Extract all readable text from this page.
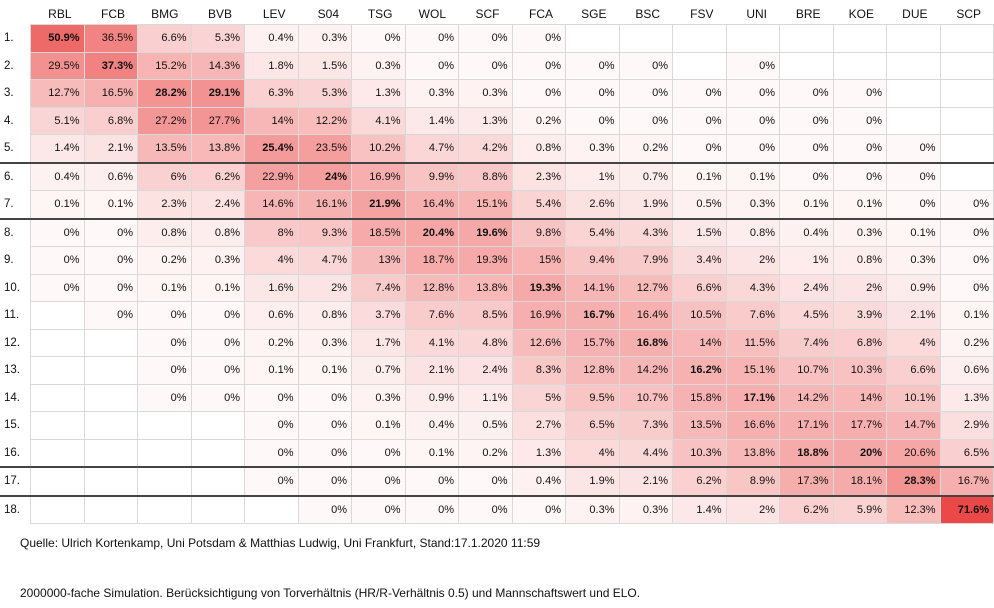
RBL	FCB	BMG	BVB	LEV	S04	TSG	WOL	SCF	FCA	SGE	BSC	FSV	UNI	BRE	KOE	DUE	SCP
1.	50.9%	36.5%	6.6%	5.3%	0.4%	0.3%	0%	0%	0%	0%								
2.	29.5%	37.3%	15.2%	14.3%	1.8%	1.5%	0.3%	0%	0%	0%	0%	0%		0%				
3.	12.7%	16.5%	28.2%	29.1%	6.3%	5.3%	1.3%	0.3%	0.3%	0%	0%	0%	0%	0%	0%	0%		
4.	5.1%	6.8%	27.2%	27.7%	14%	12.2%	4.1%	1.4%	1.3%	0.2%	0%	0%	0%	0%	0%	0%		
5.	1.4%	2.1%	13.5%	13.8%	25.4%	23.5%	10.2%	4.7%	4.2%	0.8%	0.3%	0.2%	0%	0%	0%	0%	0%	
6.	0.4%	0.6%	6%	6.2%	22.9%	24%	16.9%	9.9%	8.8%	2.3%	1%	0.7%	0.1%	0.1%	0%	0%	0%	
7.	0.1%	0.1%	2.3%	2.4%	14.6%	16.1%	21.9%	16.4%	15.1%	5.4%	2.6%	1.9%	0.5%	0.3%	0.1%	0.1%	0%	0%
8.	0%	0%	0.8%	0.8%	8%	9.3%	18.5%	20.4%	19.6%	9.8%	5.4%	4.3%	1.5%	0.8%	0.4%	0.3%	0.1%	0%
9.	0%	0%	0.2%	0.3%	4%	4.7%	13%	18.7%	19.3%	15%	9.4%	7.9%	3.4%	2%	1%	0.8%	0.3%	0%
10.	0%	0%	0.1%	0.1%	1.6%	2%	7.4%	12.8%	13.8%	19.3%	14.1%	12.7%	6.6%	4.3%	2.4%	2%	0.9%	0%
11.		0%	0%	0%	0.6%	0.8%	3.7%	7.6%	8.5%	16.9%	16.7%	16.4%	10.5%	7.6%	4.5%	3.9%	2.1%	0.1%
12.			0%	0%	0.2%	0.3%	1.7%	4.1%	4.8%	12.6%	15.7%	16.8%	14%	11.5%	7.4%	6.8%	4%	0.2%
13.			0%	0%	0.1%	0.1%	0.7%	2.1%	2.4%	8.3%	12.8%	14.2%	16.2%	15.1%	10.7%	10.3%	6.6%	0.6%
14.			0%	0%	0%	0%	0.3%	0.9%	1.1%	5%	9.5%	10.7%	15.8%	17.1%	14.2%	14%	10.1%	1.3%
15.					0%	0%	0.1%	0.4%	0.5%	2.7%	6.5%	7.3%	13.5%	16.6%	17.1%	17.7%	14.7%	2.9%
16.					0%	0%	0%	0.1%	0.2%	1.3%	4%	4.4%	10.3%	13.8%	18.8%	20%	20.6%	6.5%
17.					0%	0%	0%	0%	0%	0.4%	1.9%	2.1%	6.2%	8.9%	17.3%	18.1%	28.3%	16.7%
18.						0%	0%	0%	0%	0%	0.3%	0.3%	1.4%	2%	6.2%	5.9%	12.3%	71.6%
Quelle: Ulrich Kortenkamp, Uni Potsdam & Matthias Ludwig, Uni Frankfurt, Stand:17.1.2020 11:59
2000000-fache Simulation. Berücksichtigung von Torverhältnis (HR/R-Verhältnis 0.5) und Mannschaftswert und ELO.
